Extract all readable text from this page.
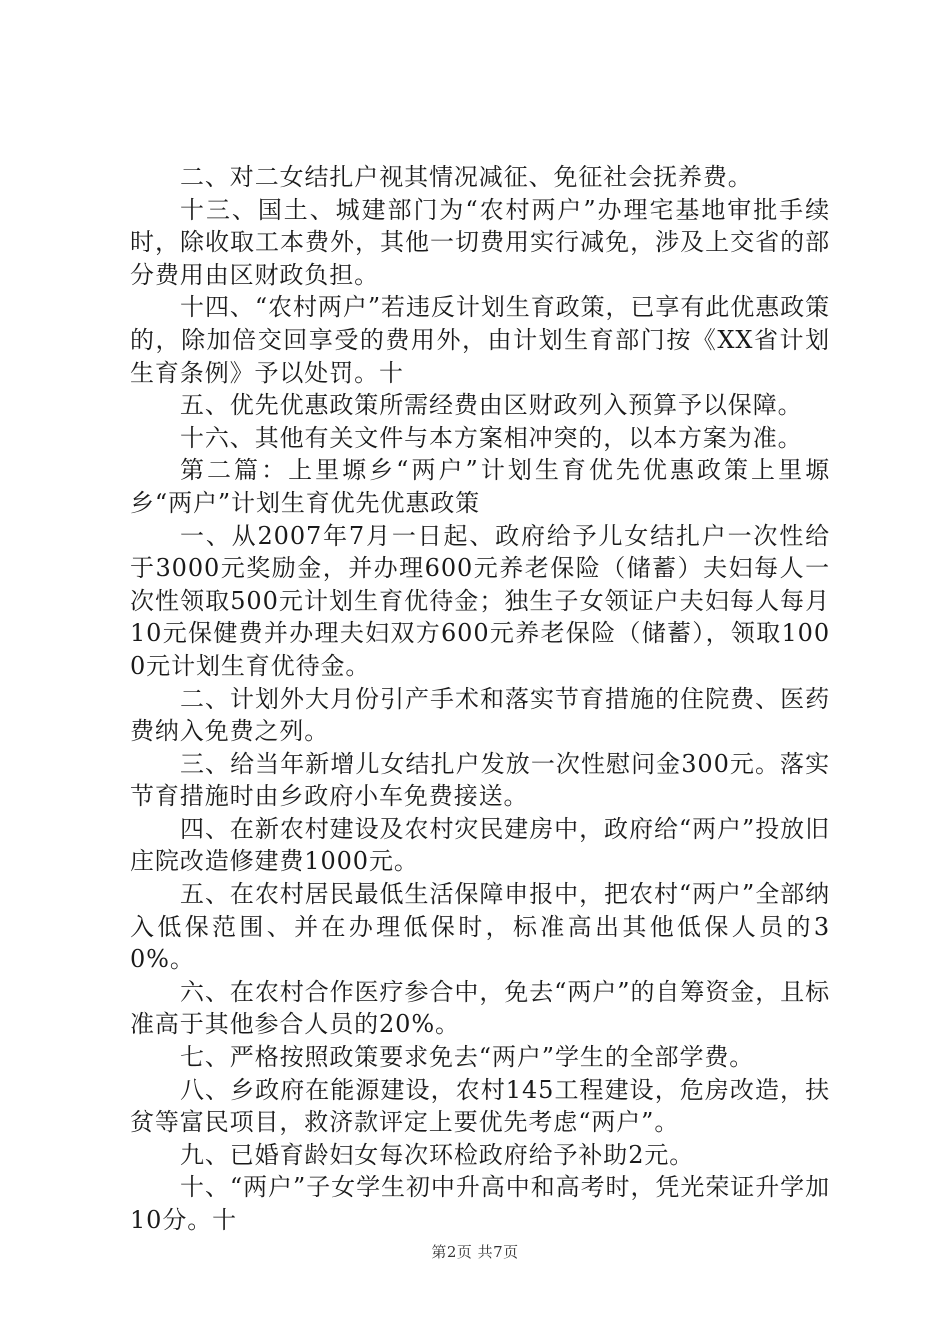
二、对二女结扎户视其情况减征、免征社会抚养费。

十三、国土、城建部门为“农村两户”办理宅基地审批手续时，除收取工本费外，其他一切费用实行减免，涉及上交省的部分费用由区财政负担。

十四、“农村两户”若违反计划生育政策，已享有此优惠政策的，除加倍交回享受的费用外，由计划生育部门按《XX省计划生育条例》予以处罚。十

五、优先优惠政策所需经费由区财政列入预算予以保障。

十六、其他有关文件与本方案相冲突的，以本方案为准。

第二篇：上里塬乡“两户”计划生育优先优惠政策上里塬乡“两户”计划生育优先优惠政策

一、从2007年7月一日起、政府给予儿女结扎户一次性给于3000元奖励金，并办理600元养老保险（储蓄）夫妇每人一次性领取500元计划生育优待金；独生子女领证户夫妇每人每月10元保健费并办理夫妇双方600元养老保险（储蓄），领取1000元计划生育优待金。

二、计划外大月份引产手术和落实节育措施的住院费、医药费纳入免费之列。

三、给当年新增儿女结扎户发放一次性慰问金300元。落实节育措施时由乡政府小车免费接送。

四、在新农村建设及农村灾民建房中，政府给“两户”投放旧庄院改造修建费1000元。

五、在农村居民最低生活保障申报中，把农村“两户”全部纳入低保范围、并在办理低保时，标准高出其他低保人员的30%。

六、在农村合作医疗参合中，免去“两户”的自筹资金，且标准高于其他参合人员的20%。

七、严格按照政策要求免去“两户”学生的全部学费。

八、乡政府在能源建设，农村145工程建设，危房改造，扶贫等富民项目，救济款评定上要优先考虑“两户”。

九、已婚育龄妇女每次环检政府给予补助2元。

十、“两户”子女学生初中升高中和高考时，凭光荣证升学加10分。十

第2页 共7页
